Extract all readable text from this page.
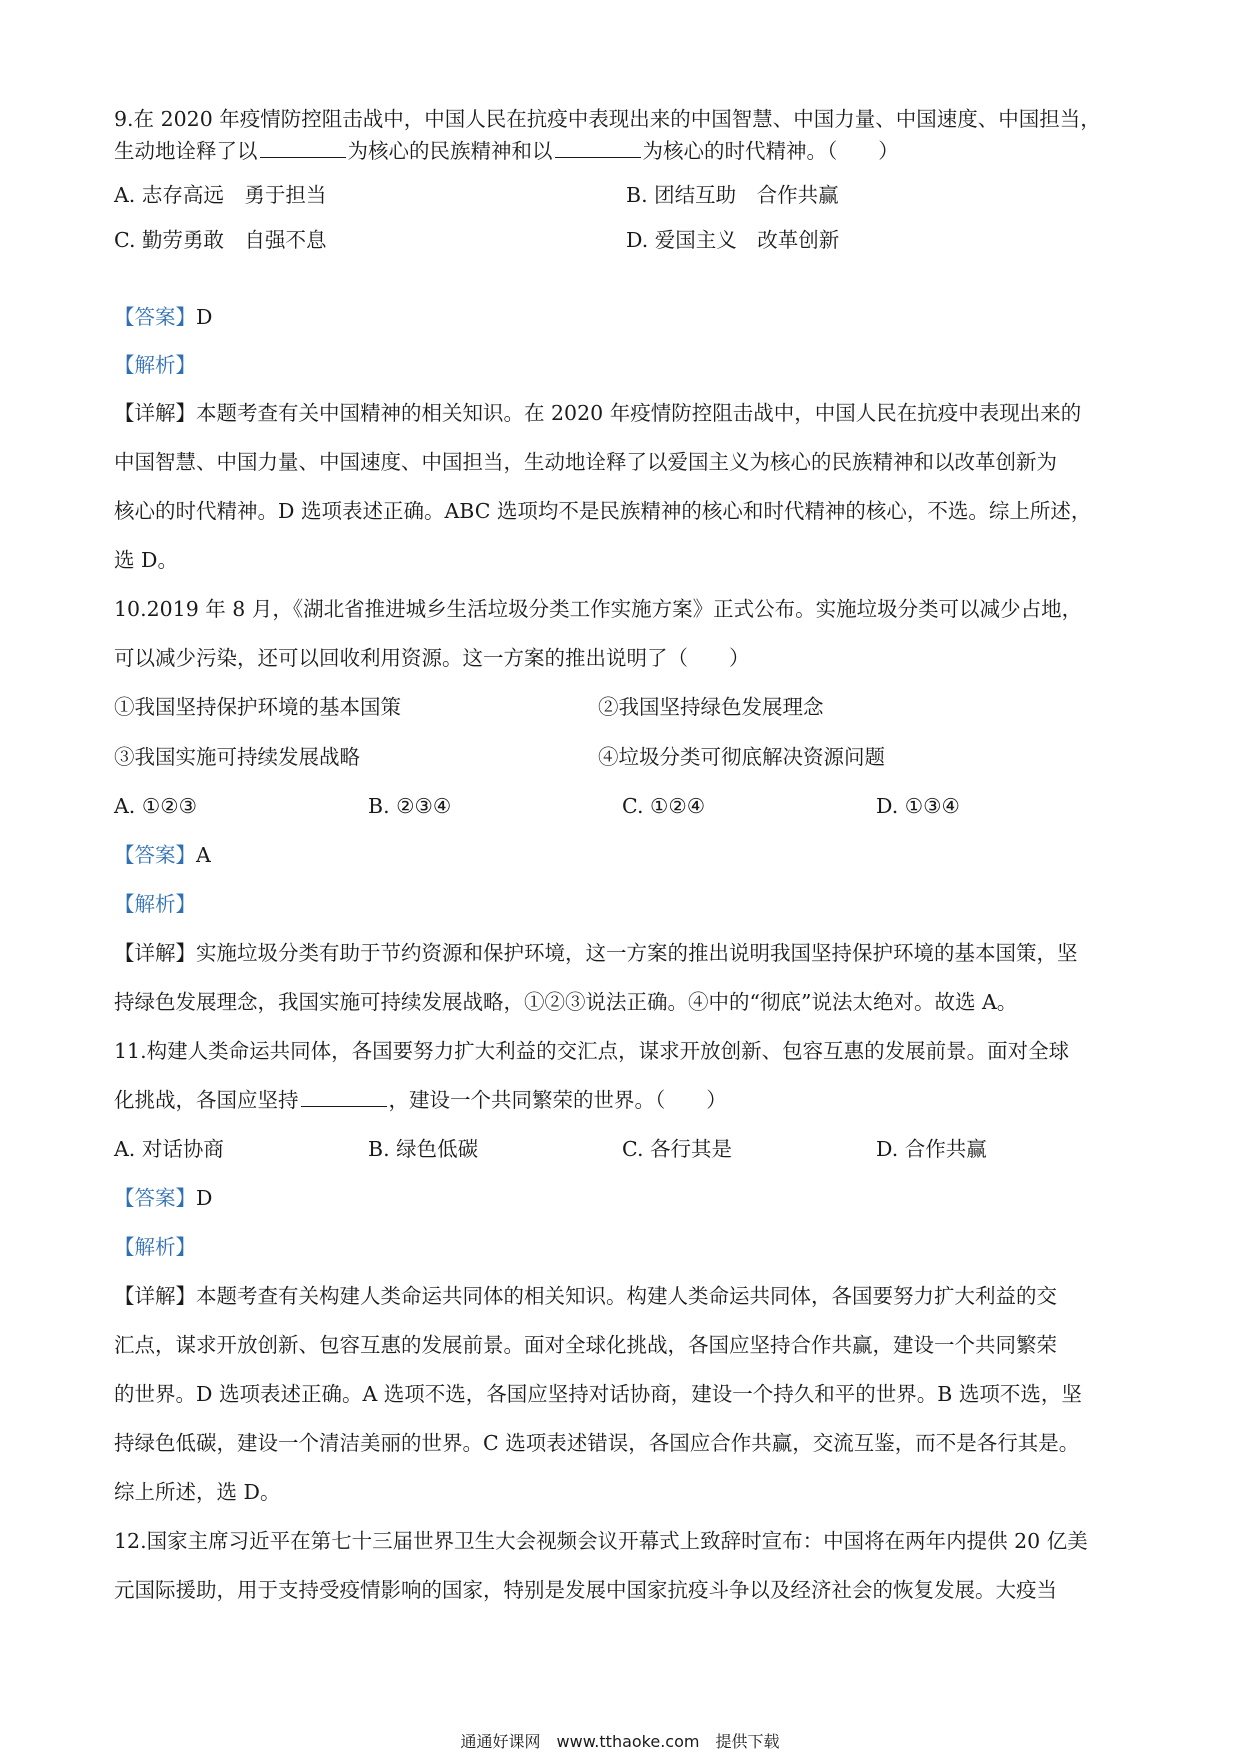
9.在 2020 年疫情防控阻击战中，中国人民在抗疫中表现出来的中国智慧、中国力量、中国速度、中国担当，
生动地诠释了以	为核心的民族精神和以	为核心的时代精神。（　　）
A. 志存高远　勇于担当	B. 团结互助　合作共赢
C. 勤劳勇敢　自强不息	D. 爱国主义　改革创新
【答案】D
【解析】
【详解】本题考查有关中国精神的相关知识。在 2020 年疫情防控阻击战中，中国人民在抗疫中表现出来的
中国智慧、中国力量、中国速度、中国担当，生动地诠释了以爱国主义为核心的民族精神和以改革创新为
核心的时代精神。D 选项表述正确。ABC 选项均不是民族精神的核心和时代精神的核心，不选。综上所述，
选 D。
10.2019 年 8 月，《湖北省推进城乡生活垃圾分类工作实施方案》正式公布。实施垃圾分类可以减少占地，
可以减少污染，还可以回收利用资源。这一方案的推出说明了（　　）
①我国坚持保护环境的基本国策	②我国坚持绿色发展理念
③我国实施可持续发展战略	④垃圾分类可彻底解决资源问题
A. ①②③	B. ②③④	C. ①②④	D. ①③④
【答案】A
【解析】
【详解】实施垃圾分类有助于节约资源和保护环境，这一方案的推出说明我国坚持保护环境的基本国策，坚
持绿色发展理念，我国实施可持续发展战略，①②③说法正确。④中的“彻底”说法太绝对。故选 A。
11.构建人类命运共同体，各国要努力扩大利益的交汇点，谋求开放创新、包容互惠的发展前景。面对全球
化挑战，各国应坚持	，建设一个共同繁荣的世界。（　　）
A. 对话协商	B. 绿色低碳	C. 各行其是	D. 合作共赢
【答案】D
【解析】
【详解】本题考查有关构建人类命运共同体的相关知识。构建人类命运共同体，各国要努力扩大利益的交
汇点，谋求开放创新、包容互惠的发展前景。面对全球化挑战，各国应坚持合作共赢，建设一个共同繁荣
的世界。D 选项表述正确。A 选项不选，各国应坚持对话协商，建设一个持久和平的世界。B 选项不选，坚
持绿色低碳，建设一个清洁美丽的世界。C 选项表述错误，各国应合作共赢，交流互鉴，而不是各行其是。
综上所述，选 D。
12.国家主席习近平在第七十三届世界卫生大会视频会议开幕式上致辞时宣布：中国将在两年内提供 20 亿美
元国际援助，用于支持受疫情影响的国家，特别是发展中国家抗疫斗争以及经济社会的恢复发展。大疫当
通通好课网　www.tthaoke.com　提供下载
